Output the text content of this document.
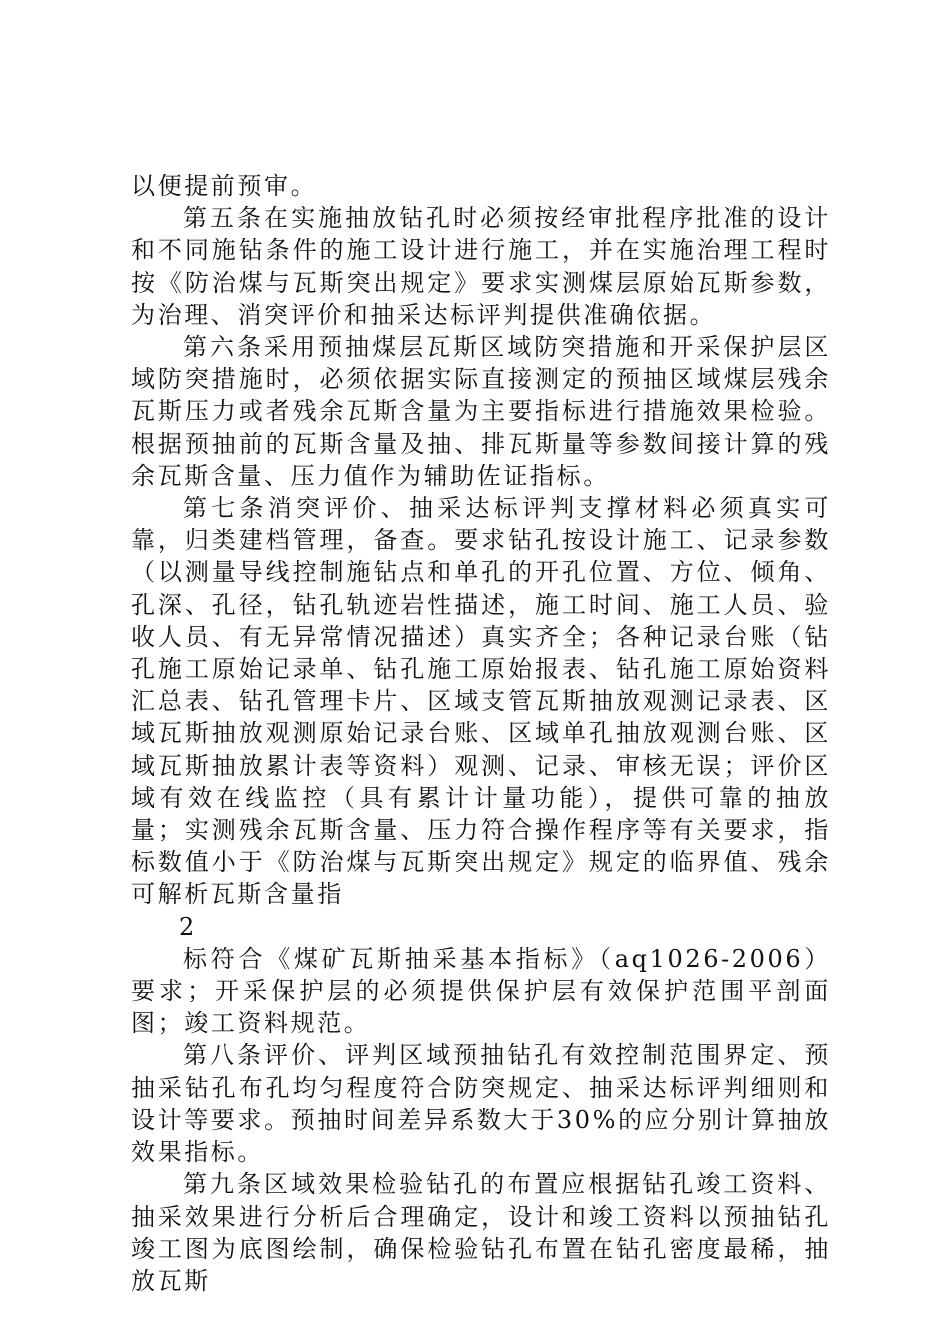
以便提前预审。

第五条在实施抽放钻孔时必须按经审批程序批准的设计和不同施钻条件的施工设计进行施工，并在实施治理工程时按《防治煤与瓦斯突出规定》要求实测煤层原始瓦斯参数，为治理、消突评价和抽采达标评判提供准确依据。

第六条采用预抽煤层瓦斯区域防突措施和开采保护层区域防突措施时，必须依据实际直接测定的预抽区域煤层残余瓦斯压力或者残余瓦斯含量为主要指标进行措施效果检验。根据预抽前的瓦斯含量及抽、排瓦斯量等参数间接计算的残余瓦斯含量、压力值作为辅助佐证指标。

第七条消突评价、抽采达标评判支撑材料必须真实可靠，归类建档管理，备查。要求钻孔按设计施工、记录参数（以测量导线控制施钻点和单孔的开孔位置、方位、倾角、孔深、孔径，钻孔轨迹岩性描述，施工时间、施工人员、验收人员、有无异常情况描述）真实齐全；各种记录台账（钻孔施工原始记录单、钻孔施工原始报表、钻孔施工原始资料汇总表、钻孔管理卡片、区域支管瓦斯抽放观测记录表、区域瓦斯抽放观测原始记录台账、区域单孔抽放观测台账、区域瓦斯抽放累计表等资料）观测、记录、审核无误；评价区域有效在线监控（具有累计计量功能），提供可靠的抽放量；实测残余瓦斯含量、压力符合操作程序等有关要求，指标数值小于《防治煤与瓦斯突出规定》规定的临界值、残余可解析瓦斯含量指

2

标符合《煤矿瓦斯抽采基本指标》（aq1026-2006）要求；开采保护层的必须提供保护层有效保护范围平剖面图；竣工资料规范。

第八条评价、评判区域预抽钻孔有效控制范围界定、预抽采钻孔布孔均匀程度符合防突规定、抽采达标评判细则和设计等要求。预抽时间差异系数大于30%的应分别计算抽放效果指标。

第九条区域效果检验钻孔的布置应根据钻孔竣工资料、抽采效果进行分析后合理确定，设计和竣工资料以预抽钻孔竣工图为底图绘制，确保检验钻孔布置在钻孔密度最稀，抽放瓦斯
